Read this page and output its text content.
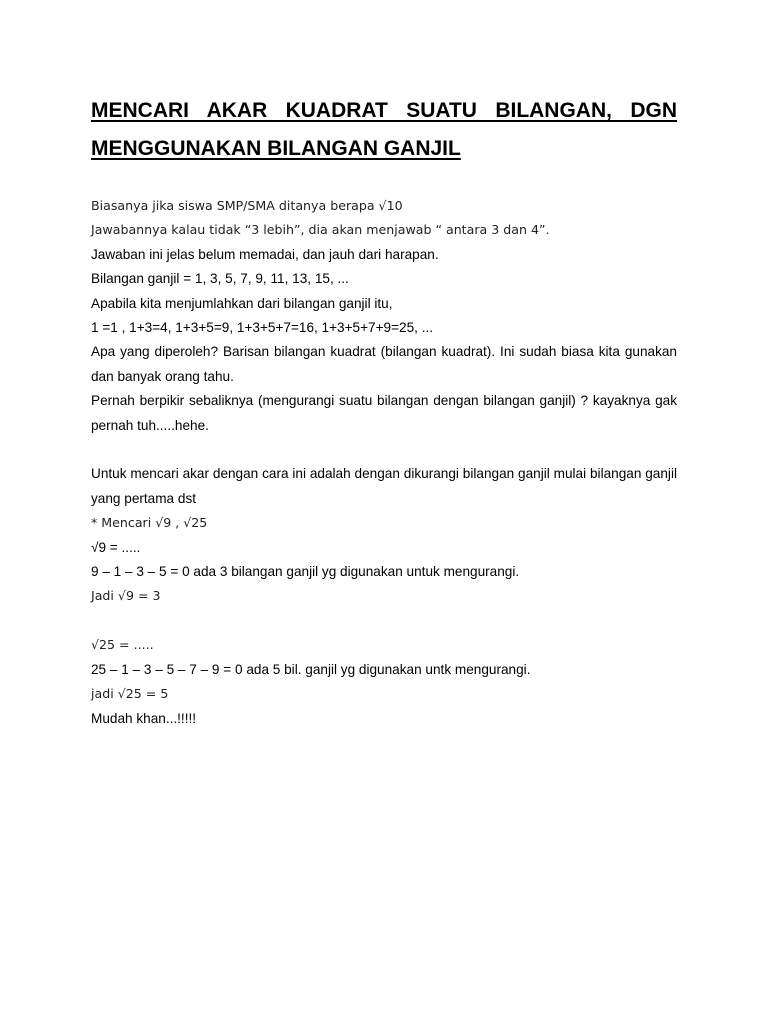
MENCARI AKAR KUADRAT SUATU BILANGAN, DGN
MENGGUNAKAN BILANGAN GANJIL

Biasanya jika siswa SMP/SMA ditanya berapa √10

Jawabannya kalau tidak “3 lebih”, dia akan menjawab “ antara 3 dan 4”.

Jawaban ini jelas belum memadai, dan jauh dari harapan.

Bilangan ganjil = 1, 3, 5, 7, 9, 11, 13, 15, ...

Apabila kita menjumlahkan dari bilangan ganjil itu,

1 =1 , 1+3=4, 1+3+5=9, 1+3+5+7=16, 1+3+5+7+9=25, ...

Apa yang diperoleh? Barisan bilangan kuadrat (bilangan kuadrat). Ini sudah biasa kita gunakan dan banyak orang tahu.

Pernah berpikir sebaliknya (mengurangi suatu bilangan dengan bilangan ganjil) ? kayaknya gak pernah tuh.....hehe.

Untuk mencari akar dengan cara ini adalah dengan dikurangi bilangan ganjil mulai bilangan ganjil yang pertama dst

* Mencari √9 , √25

√9 = .....

9 – 1 – 3 – 5 = 0 ada 3 bilangan ganjil yg digunakan untuk mengurangi.

Jadi √9 = 3

√25 = .....

25 – 1 – 3 – 5 – 7 – 9 = 0 ada 5 bil. ganjil yg digunakan untk mengurangi.

jadi √25 = 5

Mudah khan...!!!!!
